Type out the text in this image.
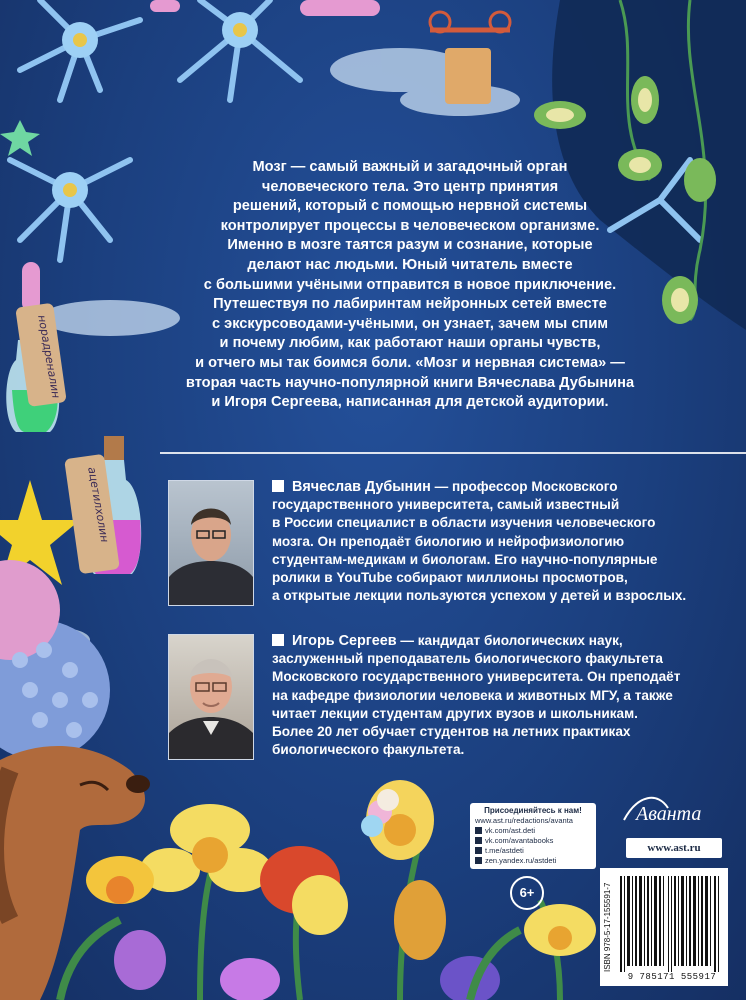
норадреналин
ацетилхолин

Мозг — самый важный и загадочный орган

человеческого тела. Это центр принятия

решений, который с помощью нервной системы

контролирует процессы в человеческом организме.

Именно в мозге таятся разум и сознание, которые

делают нас людьми. Юный читатель вместе

с большими учёными отправится в новое приключение.

Путешествуя по лабиринтам нейронных сетей вместе

с экскурсоводами-учёными, он узнает, зачем мы спим

и почему любим, как работают наши органы чувств,

и отчего мы так боимся боли. «Мозг и нервная система» —

вторая часть научно-популярной книги Вячеслава Дубынина

и Игоря Сергеева, написанная для детской аудитории.

Вячеслав Дубынин — профессор Московского
государственного университета, самый известный
в России специалист в области изучения человеческого
мозга. Он преподаёт биологию и нейрофизиологию
студентам-медикам и биологам. Его научно-популярные
ролики в YouTube собирают миллионы просмотров,
а открытые лекции пользуются успехом у детей и взрослых.
Игорь Сергеев — кандидат биологических наук,
заслуженный преподаватель биологического факультета
Московского государственного университета. Он преподаёт
на кафедре физиологии человека и животных МГУ, а также
читает лекции студентам других вузов и школьникам.
Более 20 лет обучает студентов на летних практиках
биологического факультета.
Присоединяйтесь к нам!
www.ast.ru/redactions/avanta
vk.com/ast.deti
vk.com/avantabooks
t.me/astdeti
zen.yandex.ru/astdeti
6+
Аванта
www.ast.ru
ISBN 978-5-17-155591-7
9 785171 555917
